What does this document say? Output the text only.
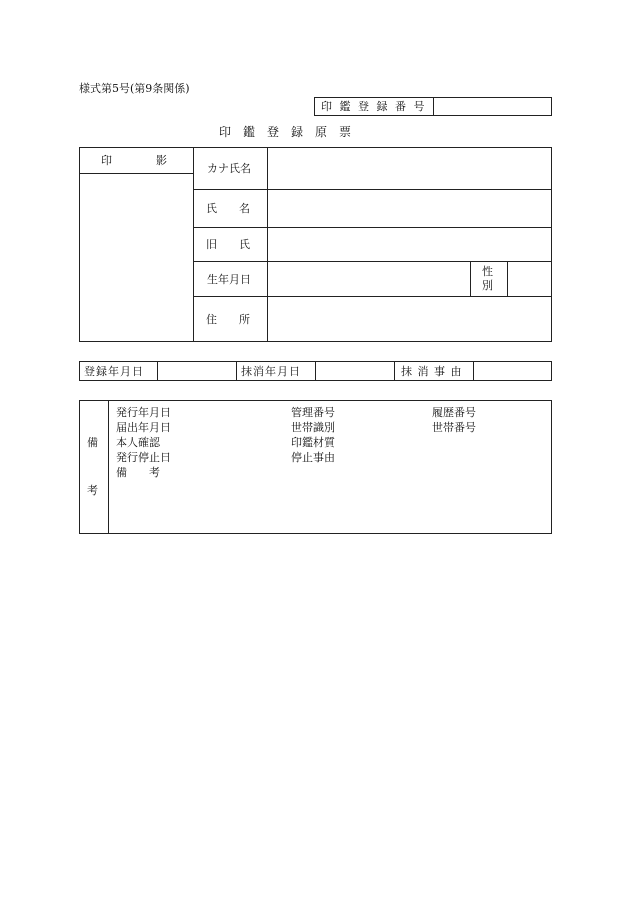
様式第5号(第9条関係)
印 鑑 登 録 番 号
印　鑑　登　録　原　票
印　　　　影
カナ氏名
氏　　名
旧　　氏
生年月日
性
別
住　　所
登録年月日	抹消年月日	抹 消 事 由
備
考
発行年月日
届出年月日
本人確認
発行停止日
備　　考
管理番号
世帯識別
印鑑材質
停止事由
履歴番号
世帯番号
